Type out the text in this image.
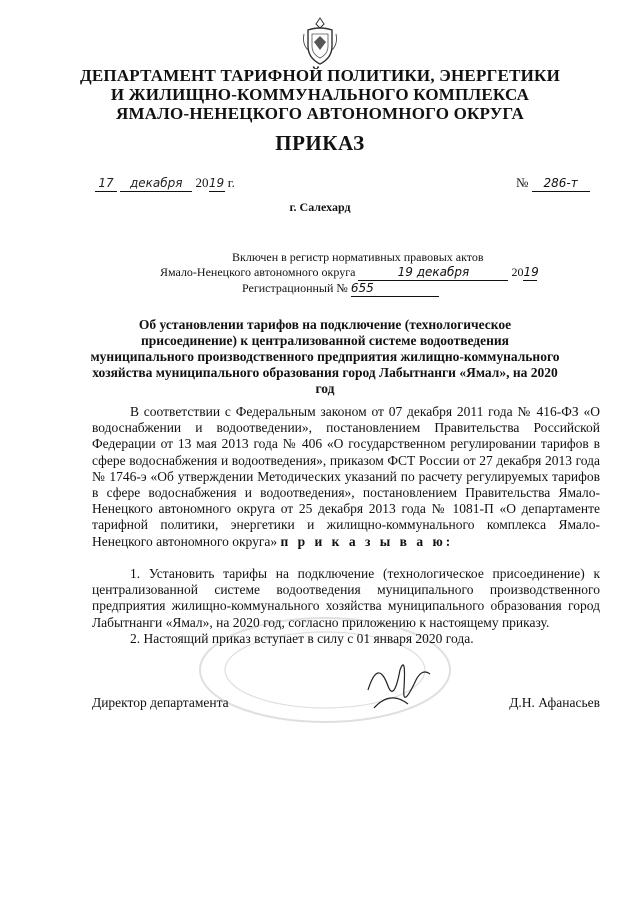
ДЕПАРТАМЕНТ ТАРИФНОЙ ПОЛИТИКИ, ЭНЕРГЕТИКИ
И ЖИЛИЩНО-КОММУНАЛЬНОГО КОМПЛЕКСА
ЯМАЛО-НЕНЕЦКОГО АВТОНОМНОГО ОКРУГА
ПРИКАЗ
17 декабря 2019 г.	№ 286-т
г. Салехард
Включен в регистр нормативных правовых актов
Ямало-Ненецкого автономного округа	19 декабря	2019
Регистрационный № 655
Об установлении тарифов на подключение (технологическое присоединение) к централизованной системе водоотведения муниципального производственного предприятия жилищно-коммунального хозяйства муниципального образования город Лабытнанги «Ямал», на 2020 год

В соответствии с Федеральным законом от 07 декабря 2011 года № 416-ФЗ «О водоснабжении и водоотведении», постановлением Правительства Российской Федерации от 13 мая 2013 года № 406 «О государственном регулировании тарифов в сфере водоснабжения и водоотведения», приказом ФСТ России от 27 декабря 2013 года № 1746-э «Об утверждении Методических указаний по расчету регулируемых тарифов в сфере водоснабжения и водоотведения», постановлением Правительства Ямало-Ненецкого автономного округа от 25 декабря 2013 года № 1081-П «О департаменте тарифной политики, энергетики и жилищно-коммунального комплекса Ямало-Ненецкого автономного округа» п р и к а з ы в а ю:

1. Установить тарифы на подключение (технологическое присоединение) к централизованной системе водоотведения муниципального производственного предприятия жилищно-коммунального хозяйства муниципального образования город Лабытнанги «Ямал», на 2020 год, согласно приложению к настоящему приказу.

2. Настоящий приказ вступает в силу с 01 января 2020 года.

Директор департамента	Д.Н. Афанасьев
